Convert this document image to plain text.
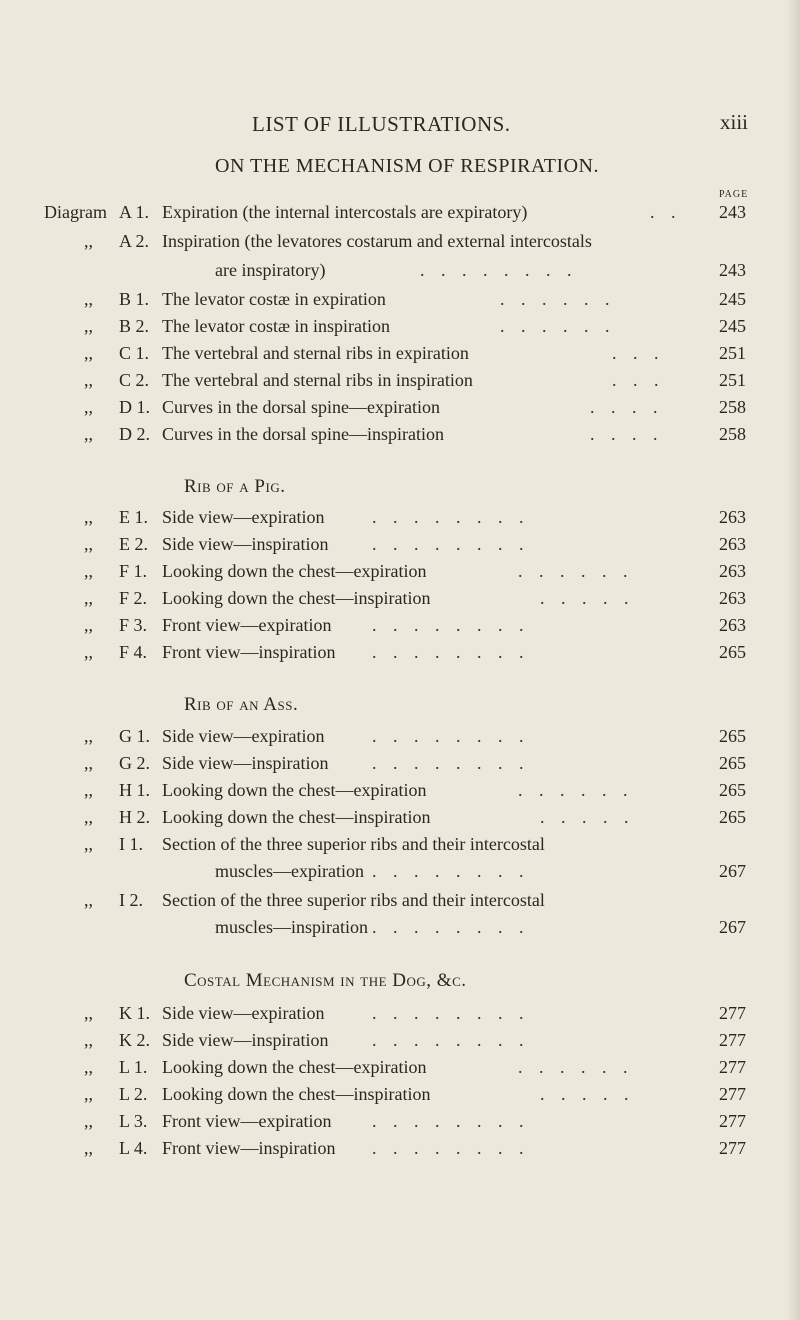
LIST OF ILLUSTRATIONS.	xiii
ON THE MECHANISM OF RESPIRATION.
PAGE
Diagram A 1. Expiration (the internal intercostals are expiratory)	. . 243
,, A 2. Inspiration (the levatores costarum and external intercostals
are inspiratory)	. . . . . . . .	243
,, B 1. The levator costæ in expiration	. . . . . .	245
,, B 2. The levator costæ in inspiration	. . . . . .	245
,, C 1. The vertebral and sternal ribs in expiration	. . .	251
,, C 2. The vertebral and sternal ribs in inspiration	. . .	251
,, D 1. Curves in the dorsal spine—expiration	. . . .	258
,, D 2. Curves in the dorsal spine—inspiration	. . . .	258
Rib of a Pig.
,, E 1. Side view—expiration	. . . . . . . .	263
,, E 2. Side view—inspiration . . . . . . . .	263
,, F 1. Looking down the chest—expiration	. . . . . .	263
,, F 2. Looking down the chest—inspiration	. . . . .	263
,, F 3. Front view—expiration . . . . . . . .	263
,, F 4. Front view—inspiration . . . . . . . .	265
Rib of an Ass.
,, G 1. Side view—expiration	. . . . . . . .	265
,, G 2. Side view—inspiration . . . . . . . .	265
,, H 1. Looking down the chest—expiration	. . . . . .	265
,, H 2. Looking down the chest—inspiration	. . . . .	265
,, I 1. Section of the three superior ribs and their intercostal
muscles—expiration . . . . . . . .	267
,, I 2. Section of the three superior ribs and their intercostal
muscles—inspiration . . . . . . . .	267
Costal Mechanism in the Dog, &c.
,, K 1. Side view—expiration	. . . . . . . .	277
,, K 2. Side view—inspiration . . . . . . . .	277
,, L 1. Looking down the chest—expiration	. . . . . .	277
,, L 2. Looking down the chest—inspiration	. . . . .	277
,, L 3. Front view—expiration . . . . . . . .	277
,, L 4. Front view—inspiration . . . . . . . .	277
